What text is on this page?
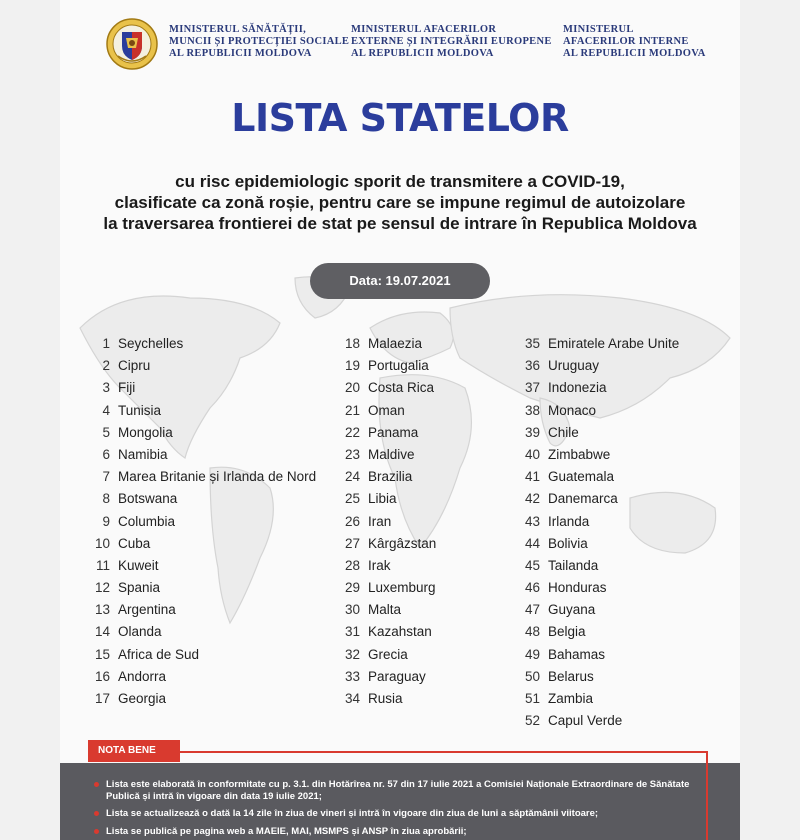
MINISTERUL SĂNĂTĂȚII,
MUNCII ȘI PROTECȚIEI SOCIALE
AL REPUBLICII MOLDOVA
MINISTERUL AFACERILOR
EXTERNE ȘI INTEGRĂRII EUROPENE
AL REPUBLICII MOLDOVA
MINISTERUL
AFACERILOR INTERNE
AL REPUBLICII MOLDOVA
LISTA STATELOR
cu risc epidemiologic sporit de transmitere a COVID-19,
clasificate ca zonă roșie, pentru care se impune regimul de autoizolare
la traversarea frontierei de stat pe sensul de intrare în Republica Moldova
Data: 19.07.2021
1 Seychelles
2 Cipru
3 Fiji
4 Tunisia
5 Mongolia
6 Namibia
7 Marea Britanie și Irlanda de Nord
8 Botswana
9 Columbia
10 Cuba
11 Kuweit
12 Spania
13 Argentina
14 Olanda
15 Africa de Sud
16 Andorra
17 Georgia
18 Malaezia
19 Portugalia
20 Costa Rica
21 Oman
22 Panama
23 Maldive
24 Brazilia
25 Libia
26 Iran
27 Kârgâzstan
28 Irak
29 Luxemburg
30 Malta
31 Kazahstan
32 Grecia
33 Paraguay
34 Rusia
35 Emiratele Arabe Unite
36 Uruguay
37 Indonezia
38 Monaco
39 Chile
40 Zimbabwe
41 Guatemala
42 Danemarca
43 Irlanda
44 Bolivia
45 Tailanda
46 Honduras
47 Guyana
48 Belgia
49 Bahamas
50 Belarus
51 Zambia
52 Capul Verde
NOTA BENE
Lista este elaborată în conformitate cu p. 3.1. din Hotărîrea nr. 57 din 17 iulie 2021 a Comisiei Naționale Extraordinare de Sănătate Publică și intră în vigoare din data 19 iulie 2021;
Lista se actualizează o dată la 14 zile în ziua de vineri și intră în vigoare din ziua de luni a săptămânii viitoare;
Lista se publică pe pagina web a MAEIE, MAI, MSMPS și ANSP în ziua aprobării;
